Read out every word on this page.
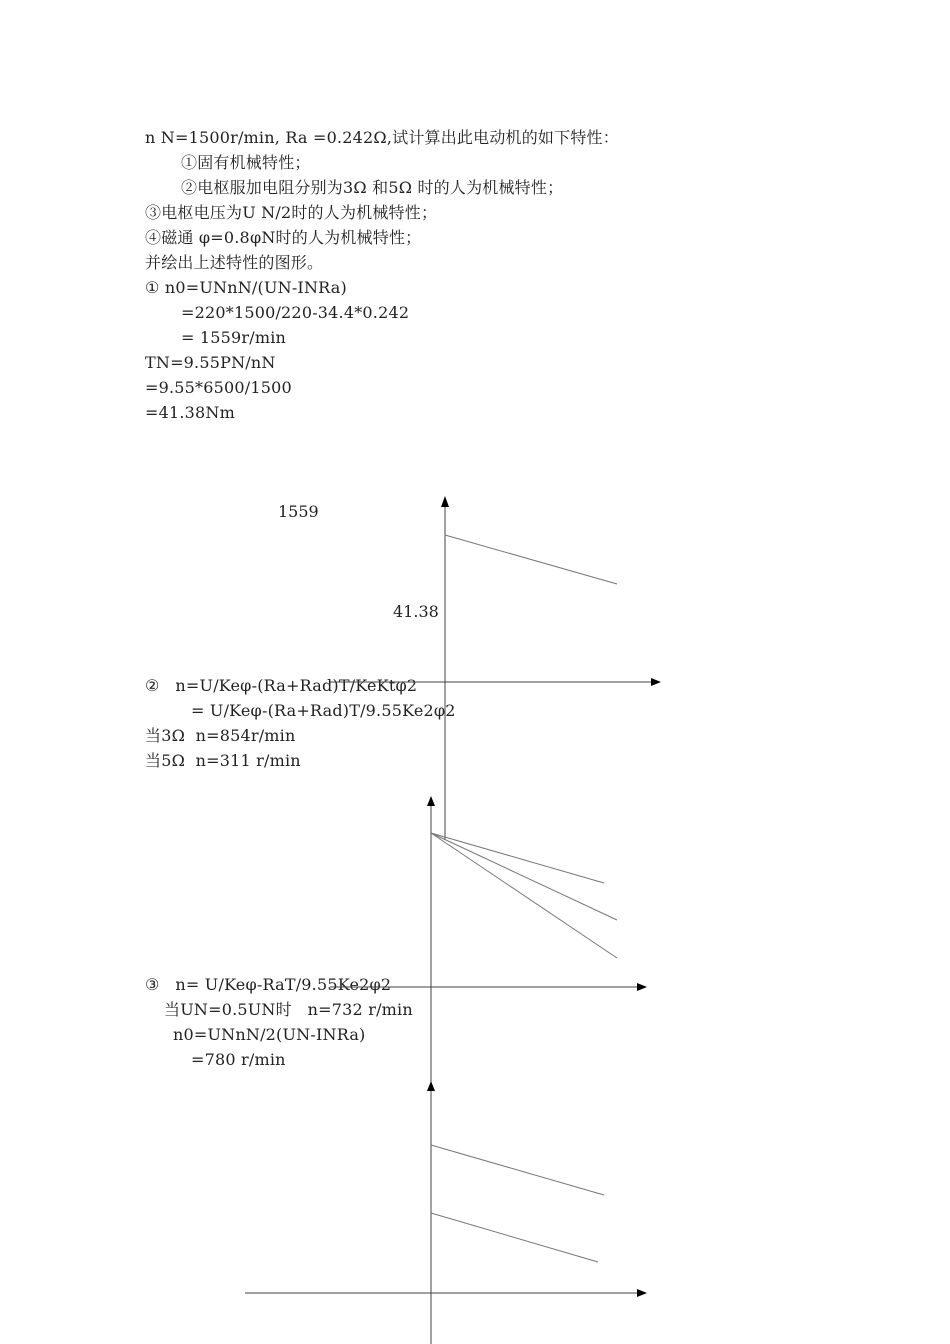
n N=1500r/min, Ra =0.242Ω,试计算出此电动机的如下特性：
①固有机械特性；
②电枢服加电阻分别为3Ω 和5Ω 时的人为机械特性；
③电枢电压为U N/2时的人为机械特性；
④磁通 φ=0.8φN时的人为机械特性；
并绘出上述特性的图形。
① n0=UNnN/(UN-INRa)
=220*1500/220-34.4*0.242
= 1559r/min
TN=9.55PN/nN
=9.55*6500/1500
=41.38Nm
②   n=U/Keφ-(Ra+Rad)T/KeKtφ2
= U/Keφ-(Ra+Rad)T/9.55Ke2φ2
当3Ω  n=854r/min
当5Ω  n=311 r/min
③   n= U/Keφ-RaT/9.55Ke2φ2
当UN=0.5UN时   n=732 r/min
n0=UNnN/2(UN-INRa)
=780 r/min
1559
41.38
